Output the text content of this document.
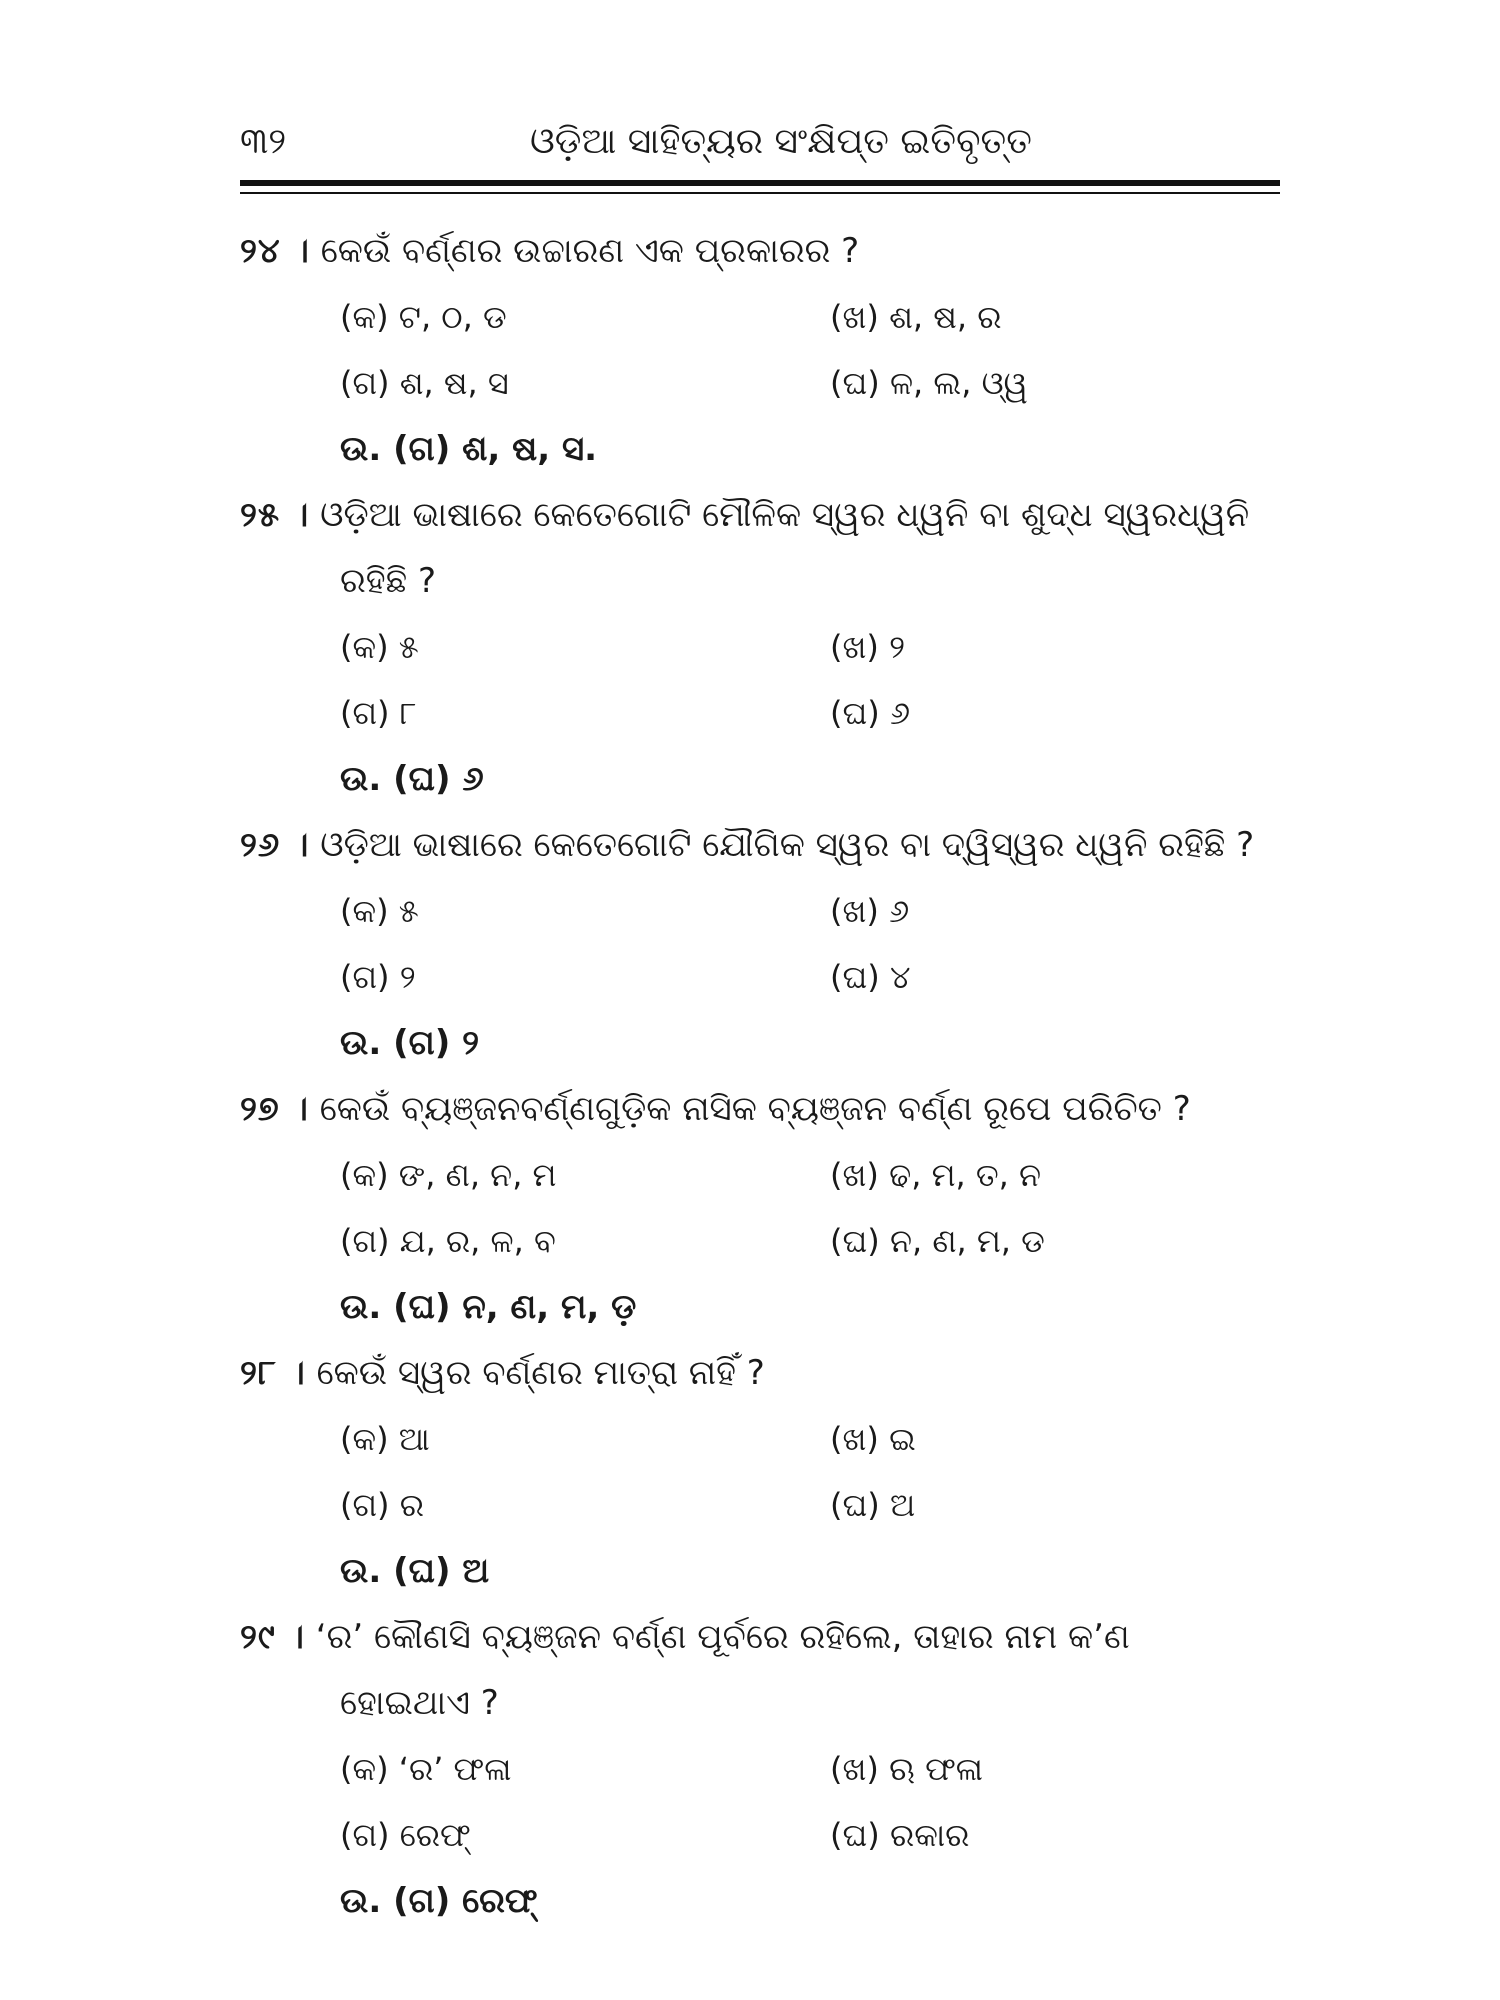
୩୨	ଓଡ଼ିଆ ସାହିତ୍ୟର ସଂକ୍ଷିପ୍ତ ଇତିବୃତ୍ତ
୨୪ । କେଉଁ ବର୍ଣ୍ଣର ଉଚ୍ଚାରଣ ଏକ ପ୍ରକାରର ?
(କ) ଟ, ଠ, ଡ	(ଖ) ଶ, ଷ, ର
(ଗ) ଶ, ଷ, ସ	(ଘ) ଳ, ଲ, ଓ୍ୱ
ଉ. (ଗ) ଶ, ଷ, ସ.
୨୫ । ଓଡ଼ିଆ ଭାଷାରେ କେତେଗୋଟି ମୌଳିକ ସ୍ୱର ଧ୍ୱନି ବା ଶୁଦ୍ଧ ସ୍ୱରଧ୍ୱନି
ରହିଛି ?
(କ) ୫	(ଖ) ୨
(ଗ) ୮	(ଘ) ୬
ଉ. (ଘ) ୬
୨୬ । ଓଡ଼ିଆ ଭାଷାରେ କେତେଗୋଟି ଯୌଗିକ ସ୍ୱର ବା ଦ୍ୱିସ୍ୱର ଧ୍ୱନି ରହିଛି ?
(କ) ୫	(ଖ) ୬
(ଗ) ୨	(ଘ) ୪
ଉ. (ଗ) ୨
୨୭ । କେଉଁ ବ୍ୟଞ୍ଜନବର୍ଣ୍ଣଗୁଡ଼ିକ ନାସିକ ବ୍ୟଞ୍ଜନ ବର୍ଣ୍ଣ ରୂପେ ପରିଚିତ ?
(କ) ଙ, ଣ, ନ, ମ	(ଖ) ଢ, ମ, ତ, ନ
(ଗ) ଯ, ର, ଳ, ବ	(ଘ) ନ, ଣ, ମ, ଡ
ଉ. (ଘ) ନ, ଣ, ମ, ଡ଼
୨୮ । କେଉଁ ସ୍ୱର ବର୍ଣ୍ଣର ମାତ୍ରା ନାହିଁ ?
(କ) ଆ	(ଖ) ଇ
(ଗ) ର	(ଘ) ଅ
ଉ. (ଘ) ଅ
୨୯ । ‘ର’ କୌଣସି ବ୍ୟଞ୍ଜନ ବର୍ଣ୍ଣ ପୂର୍ବରେ ରହିଲେ, ତାହାର ନାମ କ’ଣ
ହୋଇଥାଏ ?
(କ) ‘ର’ ଫଳା	(ଖ) ଋ ଫଳା
(ଗ) ରେଫ୍	(ଘ) ରକାର
ଉ. (ଗ) ରେଫ୍
